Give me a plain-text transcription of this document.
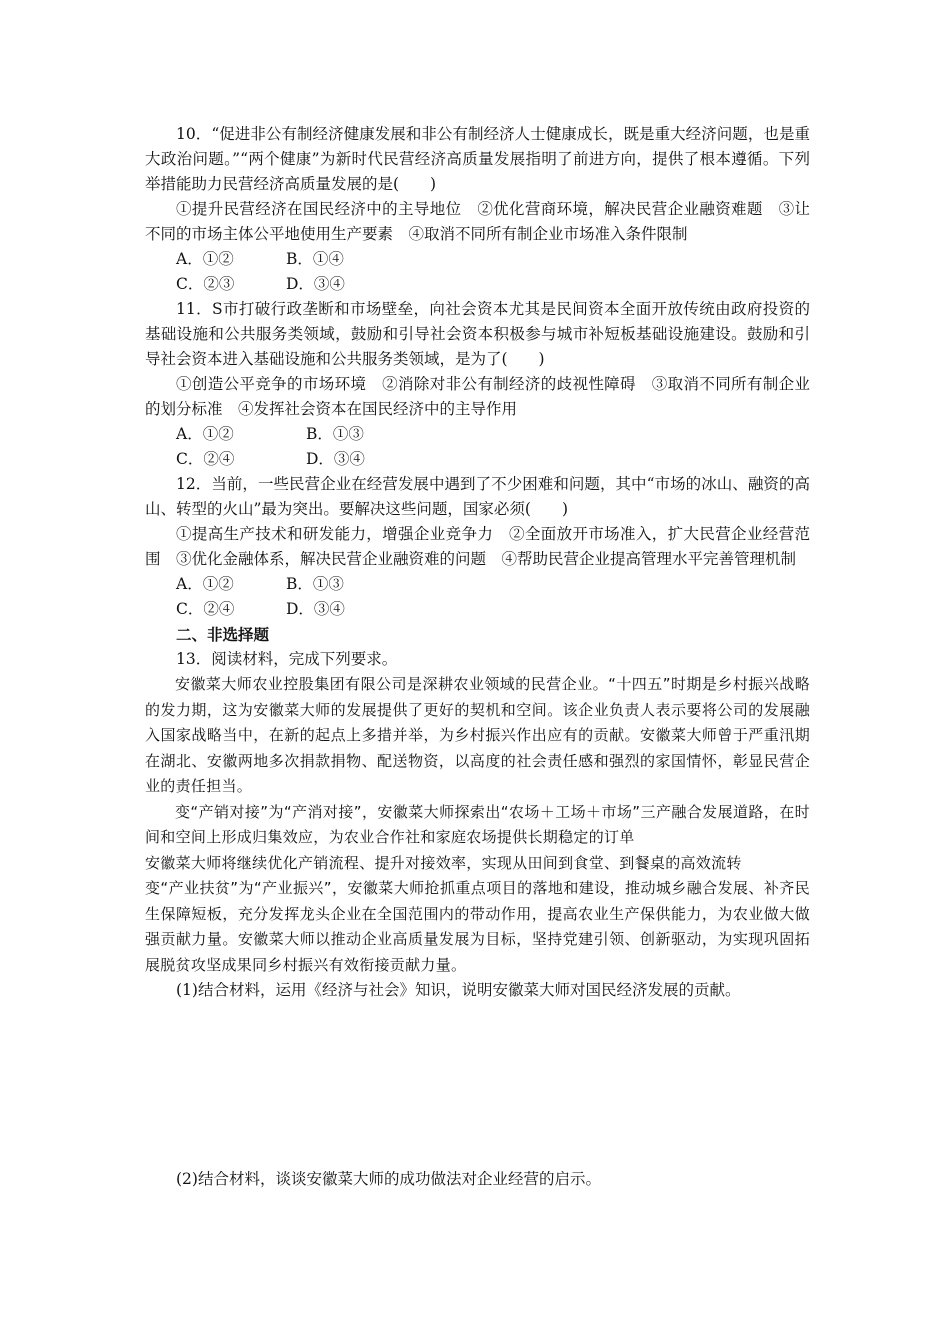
10．“促进非公有制经济健康发展和非公有制经济人士健康成长，既是重大经济问题，也是重大政治问题。”“两个健康”为新时代民营经济高质量发展指明了前进方向，提供了根本遵循。下列举措能助力民营经济高质量发展的是(　　)

①提升民营经济在国民经济中的主导地位　②优化营商环境，解决民营企业融资难题　③让不同的市场主体公平地使用生产要素　④取消不同所有制企业市场准入条件限制

A．①②	B．①④
C．②③	D．③④

11．S市打破行政垄断和市场壁垒，向社会资本尤其是民间资本全面开放传统由政府投资的基础设施和公共服务类领域，鼓励和引导社会资本积极参与城市补短板基础设施建设。鼓励和引导社会资本进入基础设施和公共服务类领域，是为了(　　)

①创造公平竞争的市场环境　②消除对非公有制经济的歧视性障碍　③取消不同所有制企业的划分标准　④发挥社会资本在国民经济中的主导作用

A．①②	B．①③
C．②④	D．③④

12．当前，一些民营企业在经营发展中遇到了不少困难和问题，其中“市场的冰山、融资的高山、转型的火山”最为突出。要解决这些问题，国家必须(　　)

①提高生产技术和研发能力，增强企业竞争力　②全面放开市场准入，扩大民营企业经营范围　③优化金融体系，解决民营企业融资难的问题　④帮助民营企业提高管理水平完善管理机制

A．①②	B．①③
C．②④	D．③④

二、非选择题

13．阅读材料，完成下列要求。

安徽菜大师农业控股集团有限公司是深耕农业领域的民营企业。“十四五”时期是乡村振兴战略的发力期，这为安徽菜大师的发展提供了更好的契机和空间。该企业负责人表示要将公司的发展融入国家战略当中，在新的起点上多措并举，为乡村振兴作出应有的贡献。安徽菜大师曾于严重汛期在湖北、安徽两地多次捐款捐物、配送物资，以高度的社会责任感和强烈的家国情怀，彰显民营企业的责任担当。

变“产销对接”为“产消对接”，安徽菜大师探索出“农场＋工场＋市场”三产融合发展道路，在时间和空间上形成归集效应，为农业合作社和家庭农场提供长期稳定的订单

安徽菜大师将继续优化产销流程、提升对接效率，实现从田间到食堂、到餐桌的高效流转

变“产业扶贫”为“产业振兴”，安徽菜大师抢抓重点项目的落地和建设，推动城乡融合发展、补齐民生保障短板，充分发挥龙头企业在全国范围内的带动作用，提高农业生产保供能力，为农业做大做强贡献力量。安徽菜大师以推动企业高质量发展为目标，坚持党建引领、创新驱动，为实现巩固拓展脱贫攻坚成果同乡村振兴有效衔接贡献力量。

(1)结合材料，运用《经济与社会》知识，说明安徽菜大师对国民经济发展的贡献。

(2)结合材料，谈谈安徽菜大师的成功做法对企业经营的启示。
